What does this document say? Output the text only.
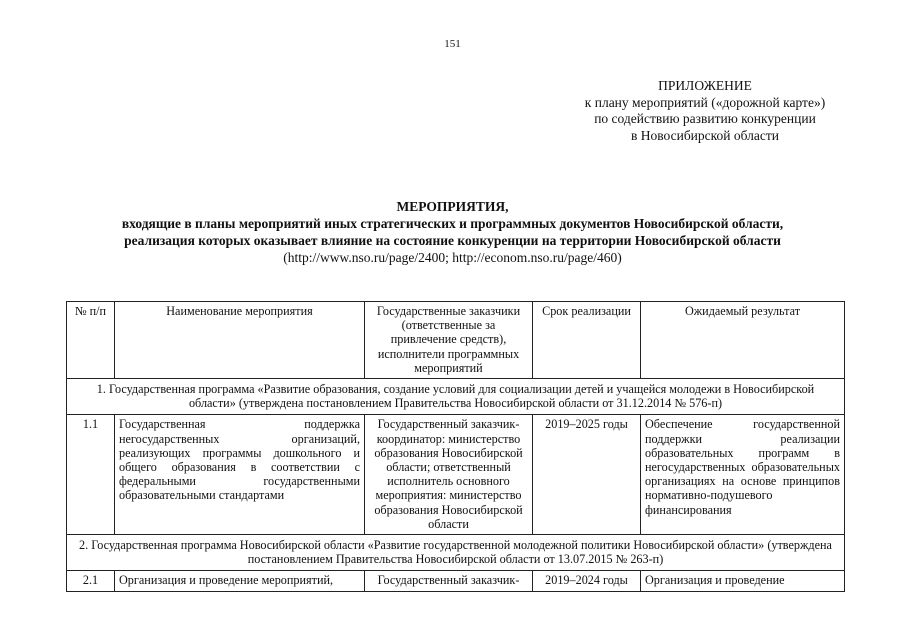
151
ПРИЛОЖЕНИЕ
к плану мероприятий («дорожной карте»)
по содействию развитию конкуренции
в Новосибирской области
МЕРОПРИЯТИЯ,
входящие в планы мероприятий иных стратегических и программных документов Новосибирской области,
реализация которых оказывает влияние на состояние конкуренции на территории Новосибирской области
(http://www.nso.ru/page/2400; http://econom.nso.ru/page/460)
№ п/п	Наименование мероприятия	Государственные заказчики (ответственные за привлечение средств), исполнители программных мероприятий	Срок реализации	Ожидаемый результат
1. Государственная программа «Развитие образования, создание условий для социализации детей и учащейся молодежи в Новосибирской области» (утверждена постановлением Правительства Новосибирской области от 31.12.2014 № 576-п)				
1.1	Государственная поддержка негосударственных организаций, реализующих программы дошкольного и общего образования в соответствии с федеральными государственными образовательными стандартами	Государственный заказчик-координатор: министерство образования Новосибирской области; ответственный исполнитель основного мероприятия: министерство образования Новосибирской области	2019–2025 годы	Обеспечение государственной поддержки реализации образовательных программ в негосударственных образовательных организациях на основе принципов нормативно-подушевого финансирования
2. Государственная программа Новосибирской области «Развитие государственной молодежной политики Новосибирской области» (утверждена постановлением Правительства Новосибирской области от 13.07.2015 № 263-п)				
2.1	Организация и проведение мероприятий,	Государственный заказчик-	2019–2024 годы	Организация и проведение
